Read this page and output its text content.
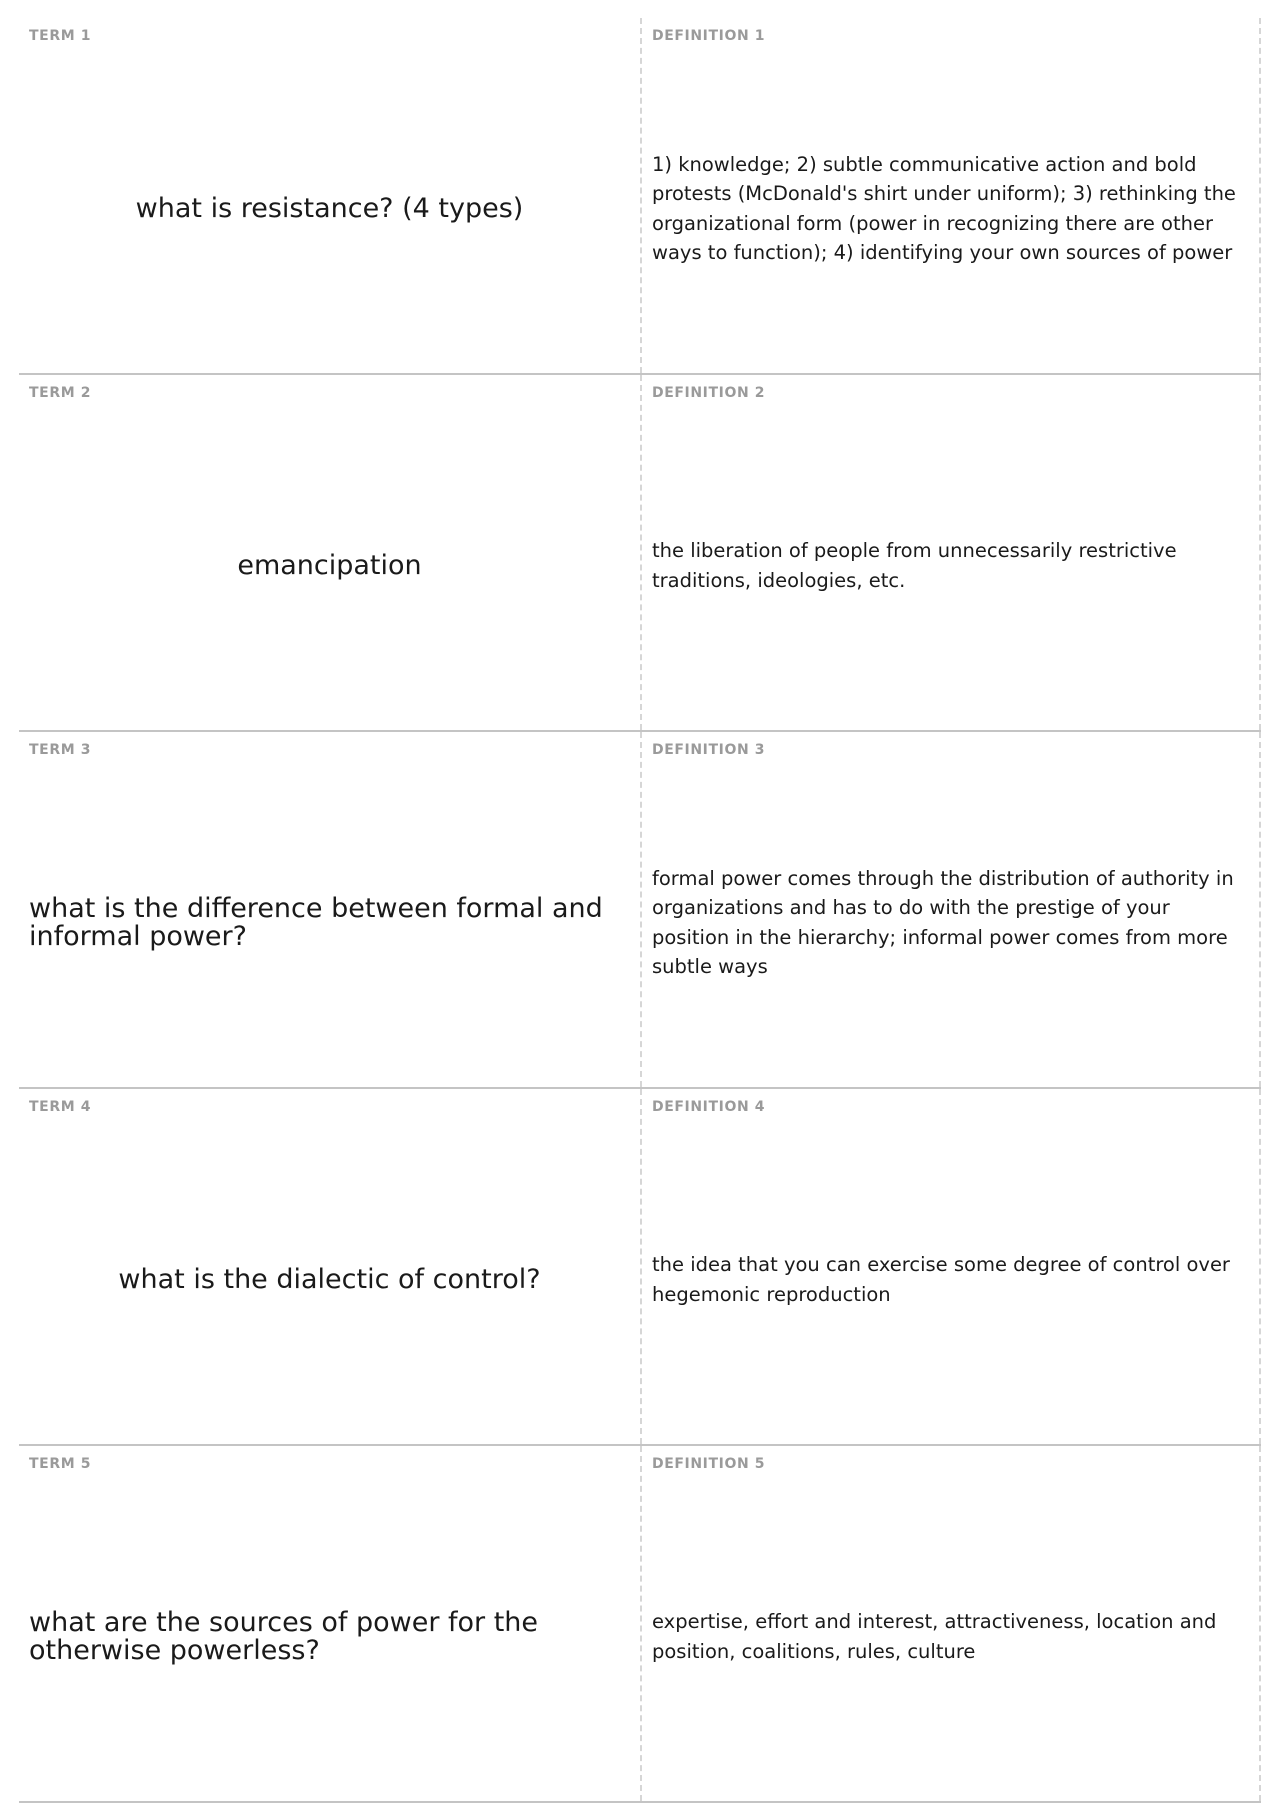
TERM 1
what is resistance? (4 types)
DEFINITION 1
1) knowledge; 2) subtle communicative action and bold protests (McDonald's shirt under uniform); 3) rethinking the organizational form (power in recognizing there are other ways to function); 4) identifying your own sources of power
TERM 2
emancipation
DEFINITION 2
the liberation of people from unnecessarily restrictive traditions, ideologies, etc.
TERM 3
what is the difference between formal and informal power?
DEFINITION 3
formal power comes through the distribution of authority in organizations and has to do with the prestige of your position in the hierarchy; informal power comes from more subtle ways
TERM 4
what is the dialectic of control?
DEFINITION 4
the idea that you can exercise some degree of control over hegemonic reproduction
TERM 5
what are the sources of power for the otherwise powerless?
DEFINITION 5
expertise, effort and interest, attractiveness, location and position, coalitions, rules, culture
